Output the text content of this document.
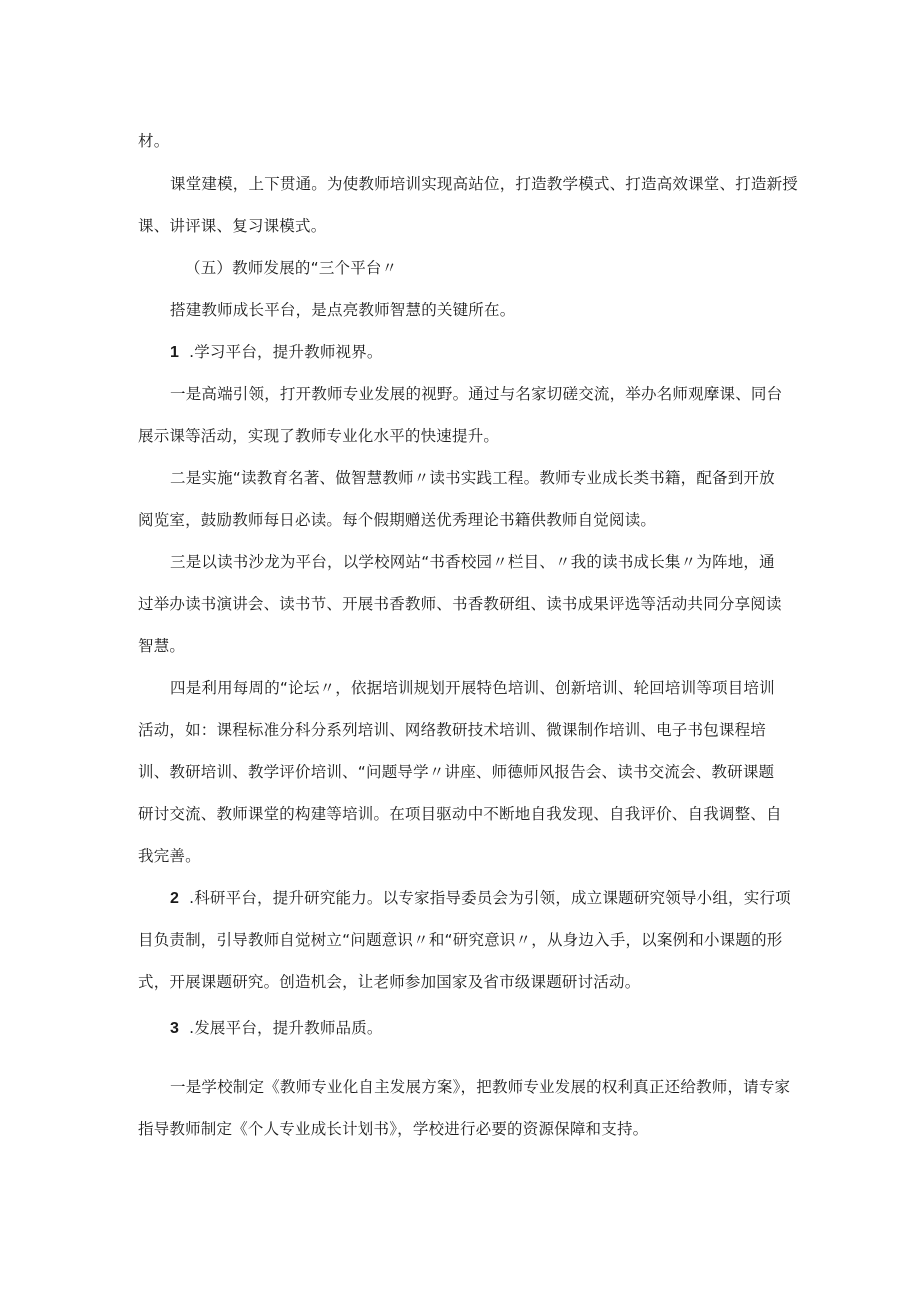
材。

课堂建模，上下贯通。为使教师培训实现高站位，打造教学模式、打造高效课堂、打造新授

课、讲评课、复习课模式。

（五）教师发展的“三个平台〃

搭建教师成长平台，是点亮教师智慧的关键所在。

1 .学习平台，提升教师视界。

一是高端引领，打开教师专业发展的视野。通过与名家切磋交流，举办名师观摩课、同台

展示课等活动，实现了教师专业化水平的快速提升。

二是实施“读教育名著、做智慧教师〃读书实践工程。教师专业成长类书籍，配备到开放

阅览室，鼓励教师每日必读。每个假期赠送优秀理论书籍供教师自觉阅读。

三是以读书沙龙为平台，以学校网站“书香校园〃栏目、〃我的读书成长集〃为阵地，通

过举办读书演讲会、读书节、开展书香教师、书香教研组、读书成果评选等活动共同分享阅读

智慧。

四是利用每周的“论坛〃，依据培训规划开展特色培训、创新培训、轮回培训等项目培训

活动，如：课程标准分科分系列培训、网络教研技术培训、微课制作培训、电子书包课程培

训、教研培训、教学评价培训、“问题导学〃讲座、师德师风报告会、读书交流会、教研课题

研讨交流、教师课堂的构建等培训。在项目驱动中不断地自我发现、自我评价、自我调整、自

我完善。

2 .科研平台，提升研究能力。以专家指导委员会为引领，成立课题研究领导小组，实行项

目负责制，引导教师自觉树立“问题意识〃和“研究意识〃，从身边入手，以案例和小课题的形

式，开展课题研究。创造机会，让老师参加国家及省市级课题研讨活动。

3 .发展平台，提升教师品质。

一是学校制定《教师专业化自主发展方案》，把教师专业发展的权利真正还给教师，请专家

指导教师制定《个人专业成长计划书》，学校进行必要的资源保障和支持。
